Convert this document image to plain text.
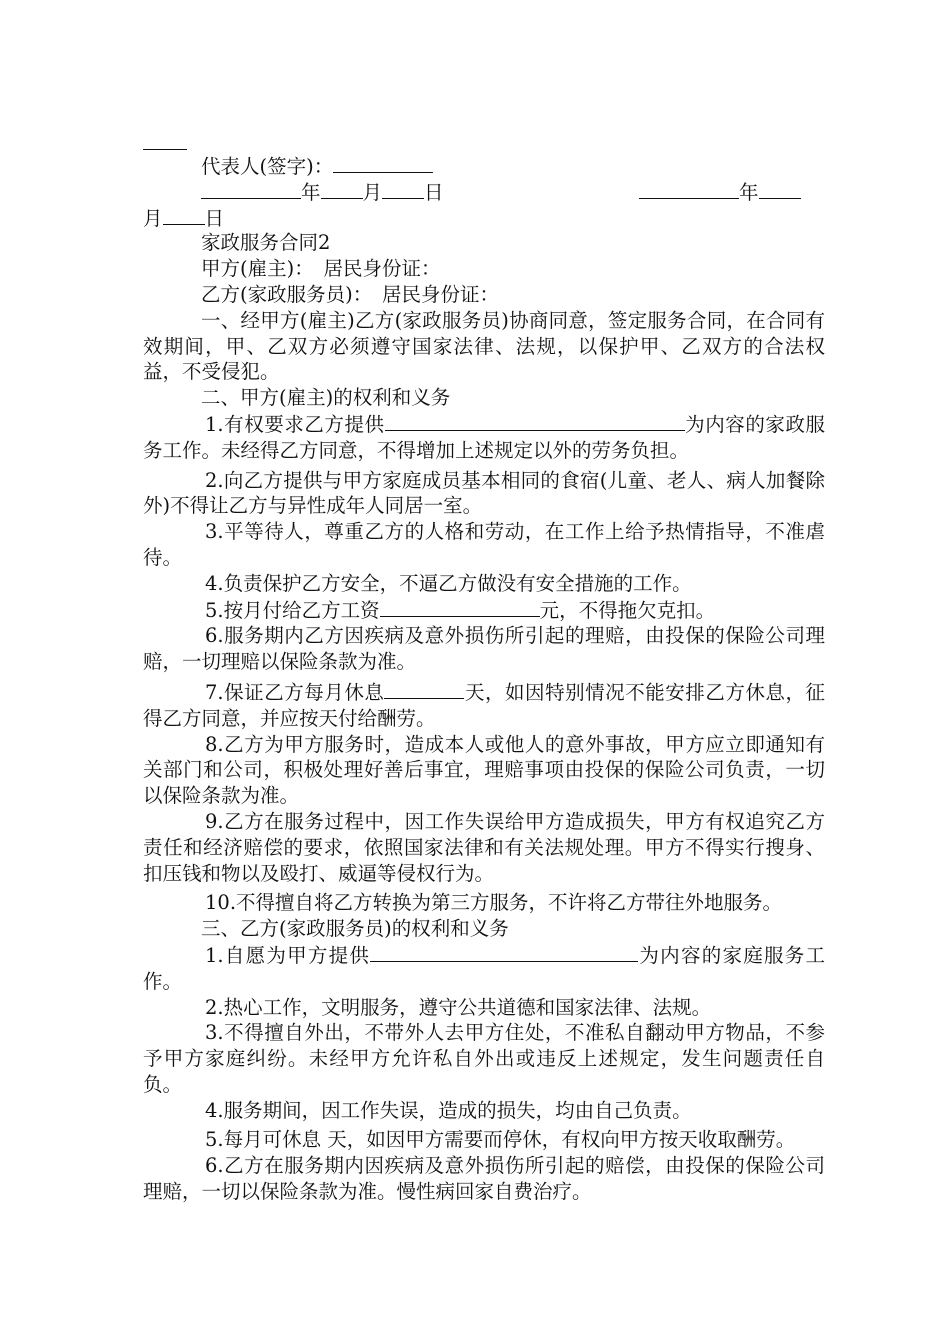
代表人(签字)：
年 月 日	年
月 日
家政服务合同2
甲方(雇主)：　居民身份证：
乙方(家政服务员)：　居民身份证：
一、经甲方(雇主)乙方(家政服务员)协商同意，签定服务合同，在合同有效期间，甲、乙双方必须遵守国家法律、法规，以保护甲、乙双方的合法权益，不受侵犯。
二、甲方(雇主)的权利和义务
1.有权要求乙方提供	为内容的家政服务工作。未经得乙方同意，不得增加上述规定以外的劳务负担。
2.向乙方提供与甲方家庭成员基本相同的食宿(儿童、老人、病人加餐除外)不得让乙方与异性成年人同居一室。
3.平等待人，尊重乙方的人格和劳动，在工作上给予热情指导，不准虐待。
4.负责保护乙方安全，不逼乙方做没有安全措施的工作。
5.按月付给乙方工资	元，不得拖欠克扣。
6.服务期内乙方因疾病及意外损伤所引起的理赔，由投保的保险公司理赔，一切理赔以保险条款为准。
7.保证乙方每月休息	天，如因特别情况不能安排乙方休息，征得乙方同意，并应按天付给酬劳。
8.乙方为甲方服务时，造成本人或他人的意外事故，甲方应立即通知有关部门和公司，积极处理好善后事宜，理赔事项由投保的保险公司负责，一切以保险条款为准。
9.乙方在服务过程中，因工作失误给甲方造成损失，甲方有权追究乙方责任和经济赔偿的要求，依照国家法律和有关法规处理。甲方不得实行搜身、扣压钱和物以及殴打、威逼等侵权行为。
10.不得擅自将乙方转换为第三方服务，不许将乙方带往外地服务。
三、乙方(家政服务员)的权利和义务
1.自愿为甲方提供	为内容的家庭服务工作。
2.热心工作，文明服务，遵守公共道德和国家法律、法规。
3.不得擅自外出，不带外人去甲方住处，不准私自翻动甲方物品，不参予甲方家庭纠纷。未经甲方允许私自外出或违反上述规定，发生问题责任自负。
4.服务期间，因工作失误，造成的损失，均由自己负责。
5.每月可休息 天，如因甲方需要而停休，有权向甲方按天收取酬劳。
6.乙方在服务期内因疾病及意外损伤所引起的赔偿，由投保的保险公司理赔，一切以保险条款为准。慢性病回家自费治疗。
